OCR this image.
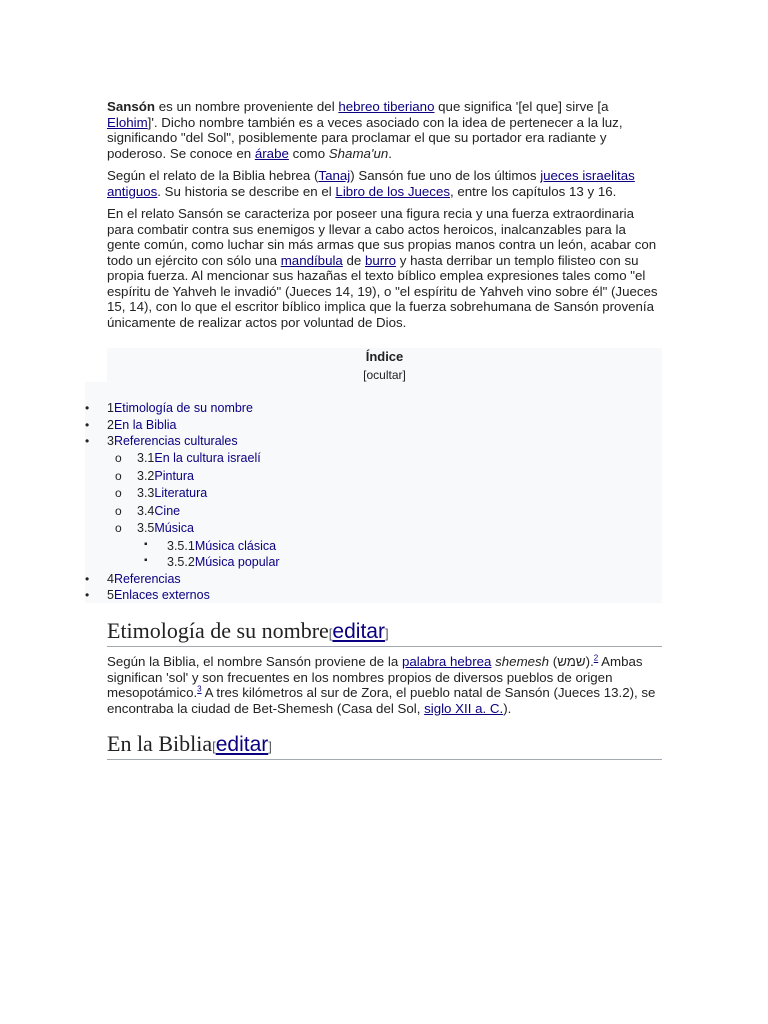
Sansón es un nombre proveniente del hebreo tiberiano que significa '[el que] sirve [a Elohim]'. Dicho nombre también es a veces asociado con la idea de pertenecer a la luz, significando "del Sol", posiblemente para proclamar el que su portador era radiante y poderoso. Se conoce en árabe como Shama'un.

Según el relato de la Biblia hebrea (Tanaj) Sansón fue uno de los últimos jueces israelitas antiguos. Su historia se describe en el Libro de los Jueces, entre los capítulos 13 y 16.

En el relato Sansón se caracteriza por poseer una figura recia y una fuerza extraordinaria para combatir contra sus enemigos y llevar a cabo actos heroicos, inalcanzables para la gente común, como luchar sin más armas que sus propias manos contra un león, acabar con todo un ejército con sólo una mandíbula de burro y hasta derribar un templo filisteo con su propia fuerza. Al mencionar sus hazañas el texto bíblico emplea expresiones tales como "el espíritu de Yahveh le invadió" (Jueces 14, 19), o "el espíritu de Yahveh vino sobre él" (Jueces 15, 14), con lo que el escritor bíblico implica que la fuerza sobrehumana de Sansón provenía únicamente de realizar actos por voluntad de Dios.

Índice
[ocultar]
• 1Etimología de su nombre
• 2En la Biblia
• 3Referencias culturales
o 3.1En la cultura israelí
o 3.2Pintura
o 3.3Literatura
o 3.4Cine
o 3.5Música
▪ 3.5.1Música clásica
▪ 3.5.2Música popular
• 4Referencias
• 5Enlaces externos
Etimología de su nombre[editar]

Según la Biblia, el nombre Sansón proviene de la palabra hebrea shemesh (שמש).$^2$ Ambas significan 'sol' y son frecuentes en los nombres propios de diversos pueblos de origen mesopotámico.$^3$ A tres kilómetros al sur de Zora, el pueblo natal de Sansón (Jueces 13.2), se encontraba la ciudad de Bet-Shemesh (Casa del Sol, siglo XII a. C.).

En la Biblia[editar]
